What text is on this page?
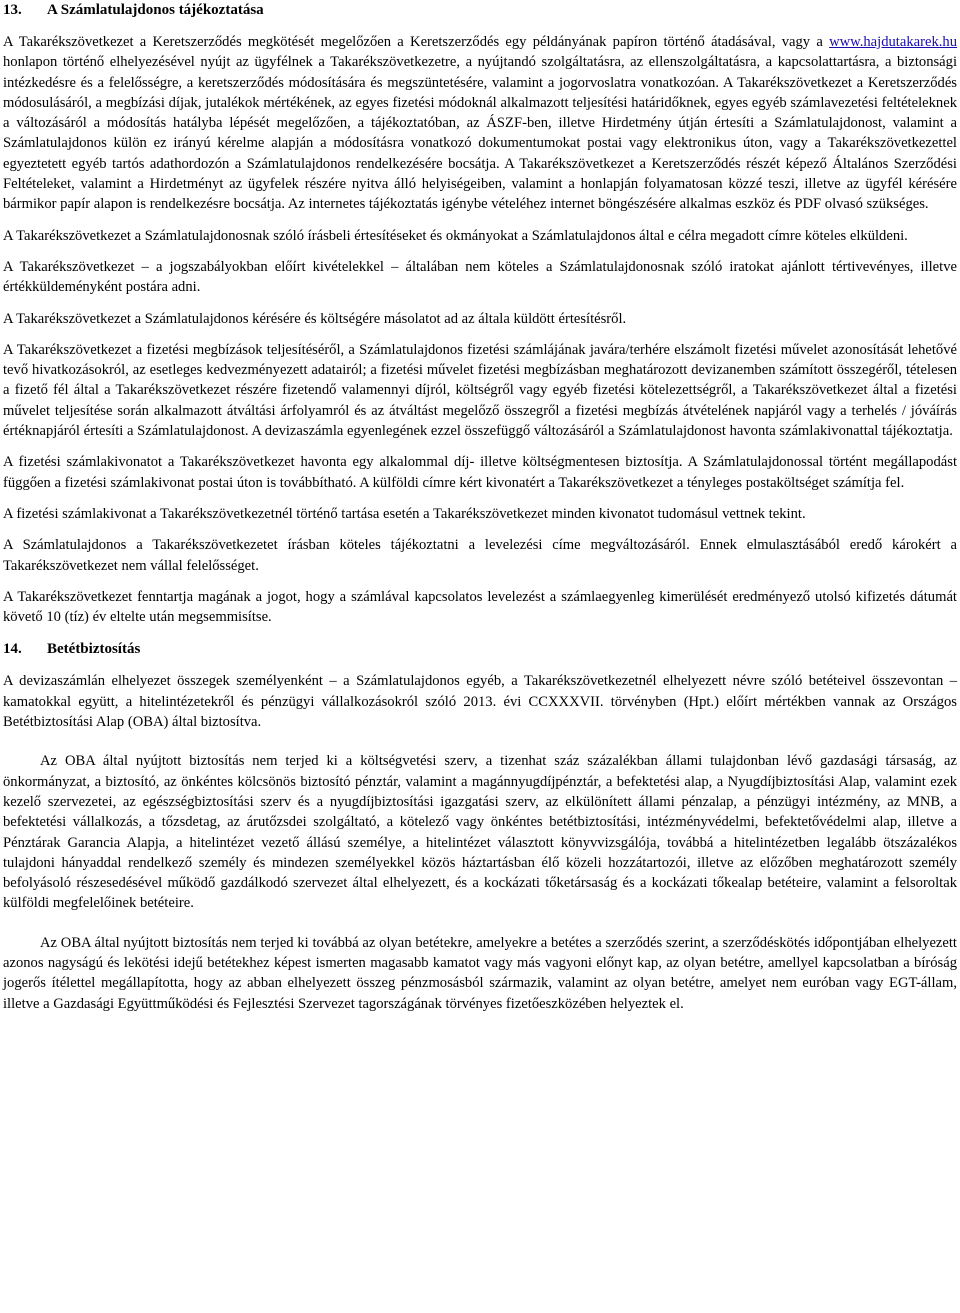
13. A Számlatulajdonos tájékoztatása

A Takarékszövetkezet a Keretszerződés megkötését megelőzően a Keretszerződés egy példányának papíron történő átadásával, vagy a www.hajdutakarek.hu honlapon történő elhelyezésével nyújt az ügyfélnek a Takarékszövetkezetre, a nyújtandó szolgáltatásra, az ellenszolgáltatásra, a kapcsolattartásra, a biztonsági intézkedésre és a felelősségre, a keretszerződés módosítására és megszüntetésére, valamint a jogorvoslatra vonatkozóan. A Takarékszövetkezet a Keretszerződés módosulásáról, a megbízási díjak, jutalékok mértékének, az egyes fizetési módoknál alkalmazott teljesítési határidőknek, egyes egyéb számlavezetési feltételeknek a változásáról a módosítás hatályba lépését megelőzően, a tájékoztatóban, az ÁSZF-ben, illetve Hirdetmény útján értesíti a Számlatulajdonost, valamint a Számlatulajdonos külön ez irányú kérelme alapján a módosításra vonatkozó dokumentumokat postai vagy elektronikus úton, vagy a Takarékszövetkezettel egyeztetett egyéb tartós adathordozón a Számlatulajdonos rendelkezésére bocsátja. A Takarékszövetkezet a Keretszerződés részét képező Általános Szerződési Feltételeket, valamint a Hirdetményt az ügyfelek részére nyitva álló helyiségeiben, valamint a honlapján folyamatosan közzé teszi, illetve az ügyfél kérésére bármikor papír alapon is rendelkezésre bocsátja. Az internetes tájékoztatás igénybe vételéhez internet böngészésére alkalmas eszköz és PDF olvasó szükséges.

A Takarékszövetkezet a Számlatulajdonosnak szóló írásbeli értesítéseket és okmányokat a Számlatulajdonos által e célra megadott címre köteles elküldeni.

A Takarékszövetkezet – a jogszabályokban előírt kivételekkel – általában nem köteles a Számlatulajdonosnak szóló iratokat ajánlott tértivevényes, illetve értékküldeményként postára adni.

A Takarékszövetkezet a Számlatulajdonos kérésére és költségére másolatot ad az általa küldött értesítésről.

A Takarékszövetkezet a fizetési megbízások teljesítéséről, a Számlatulajdonos fizetési számlájának javára/terhére elszámolt fizetési művelet azonosítását lehetővé tevő hivatkozásokról, az esetleges kedvezményezett adatairól; a fizetési művelet fizetési megbízásban meghatározott devizanemben számított összegéről, tételesen a fizető fél által a Takarékszövetkezet részére fizetendő valamennyi díjról, költségről vagy egyéb fizetési kötelezettségről, a Takarékszövetkezet által a fizetési művelet teljesítése során alkalmazott átváltási árfolyamról és az átváltást megelőző összegről a fizetési megbízás átvételének napjáról vagy a terhelés / jóváírás értéknapjáról értesíti a Számlatulajdonost. A devizaszámla egyenlegének ezzel összefüggő változásáról a Számlatulajdonost havonta számlakivonattal tájékoztatja.

A fizetési számlakivonatot a Takarékszövetkezet havonta egy alkalommal díj- illetve költségmentesen biztosítja. A Számlatulajdonossal történt megállapodást függően a fizetési számlakivonat postai úton is továbbítható. A külföldi címre kért kivonatért a Takarékszövetkezet a tényleges postaköltséget számítja fel.

A fizetési számlakivonat a Takarékszövetkezetnél történő tartása esetén a Takarékszövetkezet minden kivonatot tudomásul vettnek tekint.

A Számlatulajdonos a Takarékszövetkezetet írásban köteles tájékoztatni a levelezési címe megváltozásáról. Ennek elmulasztásából eredő károkért a Takarékszövetkezet nem vállal felelősséget.

A Takarékszövetkezet fenntartja magának a jogot, hogy a számlával kapcsolatos levelezést a számlaegyenleg kimerülését eredményező utolsó kifizetés dátumát követő 10 (tíz) év eltelte után megsemmisítse.

14. Betétbiztosítás

A devizaszámlán elhelyezet összegek személyenként – a Számlatulajdonos egyéb, a Takarékszövetkezetnél elhelyezett névre szóló betéteivel összevontan – kamatokkal együtt, a hitelintézetekről és pénzügyi vállalkozásokról szóló 2013. évi CCXXXVII. törvényben (Hpt.) előírt mértékben vannak az Országos Betétbiztosítási Alap (OBA) által biztosítva.

Az OBA által nyújtott biztosítás nem terjed ki a költségvetési szerv, a tizenhat száz százalékban állami tulajdonban lévő gazdasági társaság, az önkormányzat, a biztosító, az önkéntes kölcsönös biztosító pénztár, valamint a magánnyugdíjpénztár, a befektetési alap, a Nyugdíjbiztosítási Alap, valamint ezek kezelő szervezetei, az egészségbiztosítási szerv és a nyugdíjbiztosítási igazgatási szerv, az elkülönített állami pénzalap, a pénzügyi intézmény, az MNB, a befektetési vállalkozás, a tőzsdetag, az árutőzsdei szolgáltató, a kötelező vagy önkéntes betétbiztosítási, intézményvédelmi, befektetővédelmi alap, illetve a Pénztárak Garancia Alapja, a hitelintézet vezető állású személye, a hitelintézet választott könyvvizsgálója, továbbá a hitelintézetben legalább ötszázalékos tulajdoni hányaddal rendelkező személy és mindezen személyekkel közös háztartásban élő közeli hozzátartozói, illetve az előzőben meghatározott személy befolyásoló részesedésével működő gazdálkodó szervezet által elhelyezett, és a kockázati tőketársaság és a kockázati tőkealap betéteire, valamint a felsoroltak külföldi megfelelőinek betéteire.

Az OBA által nyújtott biztosítás nem terjed ki továbbá az olyan betétekre, amelyekre a betétes a szerződés szerint, a szerződéskötés időpontjában elhelyezett azonos nagyságú és lekötési idejű betétekhez képest ismerten magasabb kamatot vagy más vagyoni előnyt kap, az olyan betétre, amellyel kapcsolatban a bíróság jogerős ítélettel megállapította, hogy az abban elhelyezett összeg pénzmosásból származik, valamint az olyan betétre, amelyet nem euróban vagy EGT-állam, illetve a Gazdasági Együttműködési és Fejlesztési Szervezet tagországának törvényes fizetőeszközében helyeztek el.
